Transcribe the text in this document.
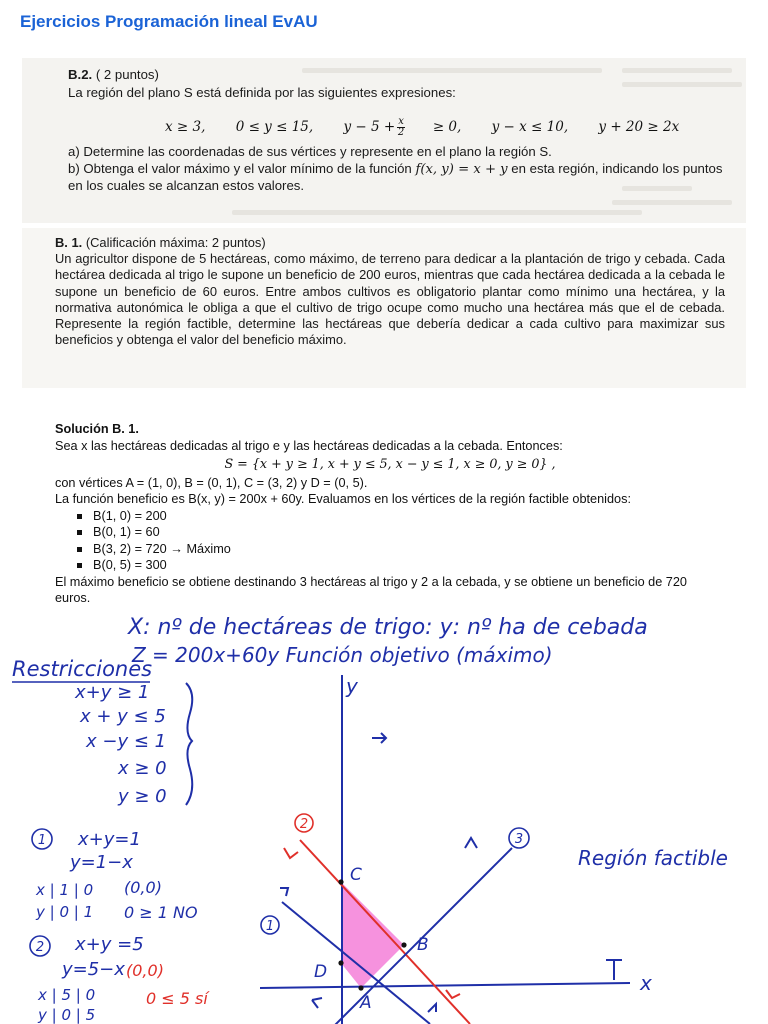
Ejercicios Programación lineal EvAU
B.2. ( 2 puntos)
La región del plano S está definida por las siguientes expresiones:
x ≥ 3, 0 ≤ y ≤ 15, $y - 5 + \frac{x}{2} \ge 0$, y − x ≤ 10, y + 20 ≥ 2x
a) Determine las coordenadas de sus vértices y represente en el plano la región S.
b) Obtenga el valor máximo y el valor mínimo de la función f(x, y) = x + y en esta región, indicando los puntos
en los cuales se alcanzan estos valores.
B. 1. (Calificación máxima: 2 puntos)
Un agricultor dispone de 5 hectáreas, como máximo, de terreno para dedicar a la plantación de trigo y cebada. Cada hectárea dedicada al trigo le supone un beneficio de 200 euros, mientras que cada hectárea dedicada a la cebada le supone un beneficio de 60 euros. Entre ambos cultivos es obligatorio plantar como mínimo una hectárea, y la normativa autonómica le obliga a que el cultivo de trigo ocupe como mucho una hectárea más que el de cebada. Represente la región factible, determine las hectáreas que debería dedicar a cada cultivo para maximizar sus beneficios y obtenga el valor del beneficio máximo.
Solución B. 1.
Sea x las hectáreas dedicadas al trigo e y las hectáreas dedicadas a la cebada. Entonces:
S = {x + y ≥ 1, x + y ≤ 5, x − y ≤ 1, x ≥ 0, y ≥ 0} ,
con vértices A = (1, 0), B = (0, 1), C = (3, 2) y D = (0, 5).
La función beneficio es B(x, y) = 200x + 60y. Evaluamos en los vértices de la región factible obtenidos:
B(1, 0) = 200
B(0, 1) = 60
B(3, 2) = 720 → Máximo
B(0, 5) = 300
El máximo beneficio se obtiene destinando 3 hectáreas al trigo y 2 a la cebada, y se obtiene un beneficio de 720 euros.
X: nº de hectáreas de trigo: y: nº ha de cebada
Z = 200x+60y Función objetivo (máximo)
Restricciones
x+y ≥ 1
x + y ≤ 5
x −y ≤ 1
x ≥ 0
y ≥ 0
x+y=1
y=1−x
x | 1 | 0
y | 0 | 1
(0,0)
0 ≥ 1 NO
x+y =5
y=5−x
x | 5 | 0
y | 0 | 5
Región factible
y
x
C
B
D
A
1
2
3
1
2
(0,0)
0 ≤ 5 sí
